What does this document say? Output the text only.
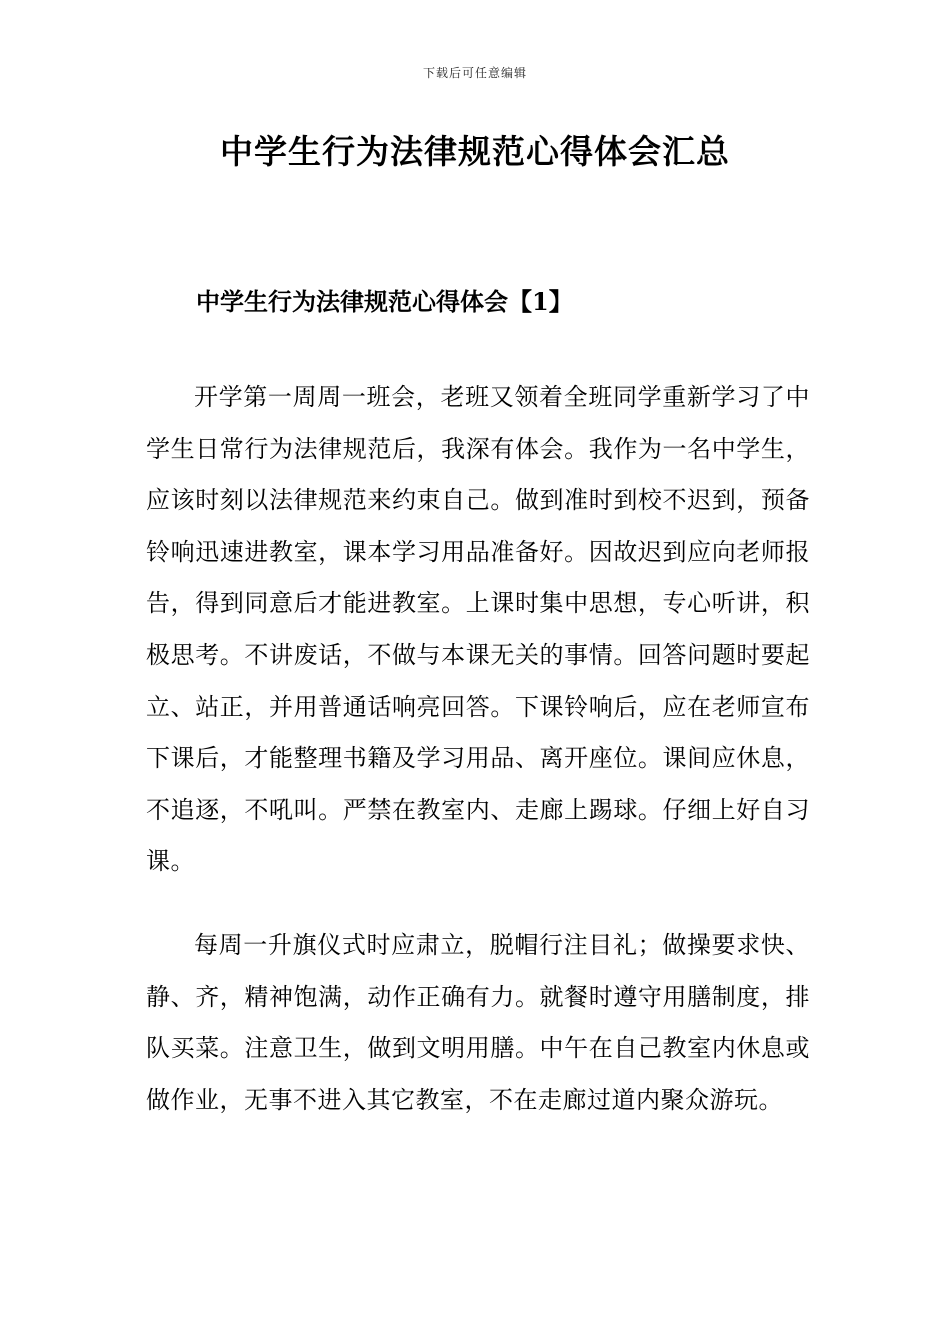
下载后可任意编辑
中学生行为法律规范心得体会汇总
中学生行为法律规范心得体会【1】

开学第一周周一班会，老班又领着全班同学重新学习了中学生日常行为法律规范后，我深有体会。我作为一名中学生，应该时刻以法律规范来约束自己。做到准时到校不迟到，预备铃响迅速进教室，课本学习用品准备好。因故迟到应向老师报告，得到同意后才能进教室。上课时集中思想，专心听讲，积极思考。不讲废话，不做与本课无关的事情。回答问题时要起立、站正，并用普通话响亮回答。下课铃响后，应在老师宣布下课后，才能整理书籍及学习用品、离开座位。课间应休息，不追逐，不吼叫。严禁在教室内、走廊上踢球。仔细上好自习课。

每周一升旗仪式时应肃立，脱帽行注目礼；做操要求快、静、齐，精神饱满，动作正确有力。就餐时遵守用膳制度，排队买菜。注意卫生，做到文明用膳。中午在自己教室内休息或做作业，无事不进入其它教室，不在走廊过道内聚众游玩。
